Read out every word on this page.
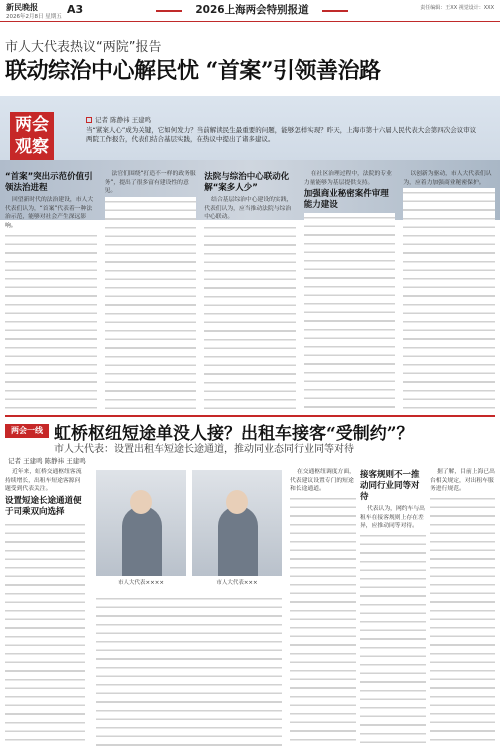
新民晚报
2026年2月8日 星期五
A3	2026上海两会特别报道	责任编辑：王XX 视觉设计：XXX
市人大代表热议“两院”报告
联动综治中心解民忧 “首案”引领善治路
两会观察
记者 陈静祎 王建鸣
当“紧案人心”成为关键，它如何发力？当前解读民生最重要的问题，能够怎样实现？昨天，上海市第十六届人民代表大会第四次会议审议两院工作报告，代表们结合基层实践，在热议中提出了诸多建议。
“首案”突出示范价值引领法治进程

回望新时代的法治建设，市人大代表们认为，“首案”代表着一种法治示范，能够对社会产生深远影响。

法官们围绕“打造不一样的政务服务”，提出了很多富有建设性的意见。

法院与综治中心联动化解“案多人少”

结合基层综治中心建设的实践，代表们认为，应当推动法院与综治中心联动。

在社区治理过程中，法院的专业力量能够为基层提供支持。

加强商业秘密案件审理能力建设

以创新为驱动，市人大代表们认为，应着力加强商业秘密保护。

两会一线 虹桥枢纽短途单没人接？出租车接客“受制约”？
市人大代表：设置出租车短途长途通道，推动同业态同行业同等对待
记者 王建鸣 陈静祎 王建鸣

近年来，虹桥交通枢纽客流持续增长，出租车短途客源问题受到代表关注。

设置短途长途通道便于司乘双向选择
市人大代表××××	市人大代表×××

在交通枢纽调度方面，代表建议设置专门的短途和长途通道。

接客规则不一推动同行业同等对待

代表认为，网约车与出租车在接客规则上存在差异，应推动同等对待。

据了解，目前上海已出台相关规定，对出租车服务进行规范。
